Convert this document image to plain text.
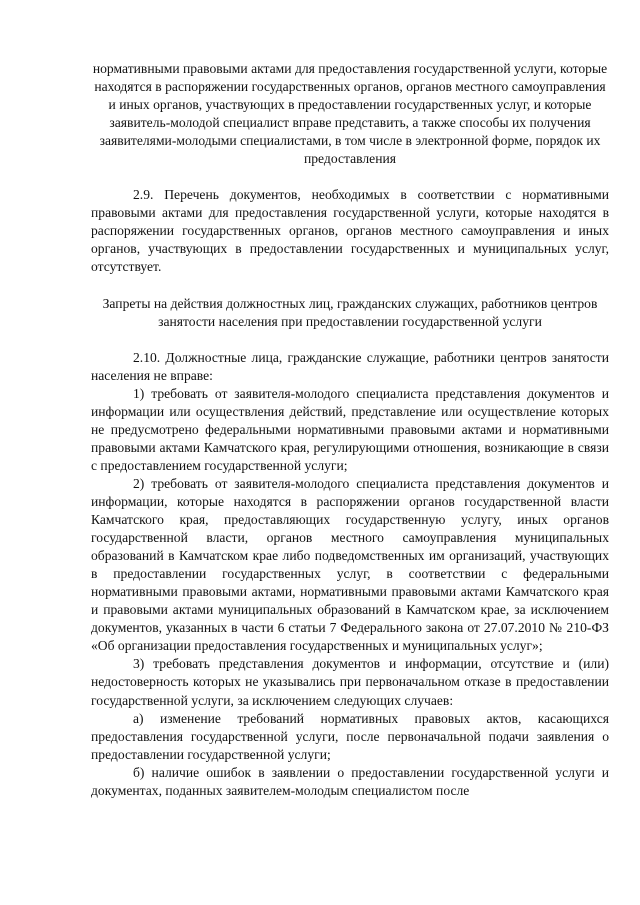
нормативными правовыми актами для предоставления государственной услуги, которые находятся в распоряжении государственных органов, органов местного самоуправления и иных органов, участвующих в предоставлении государственных услуг, и которые заявитель-молодой специалист вправе представить, а также способы их получения заявителями-молодыми специалистами, в том числе в электронной форме, порядок их предоставления

2.9. Перечень документов, необходимых в соответствии с нормативными правовыми актами для предоставления государственной услуги, которые находятся в распоряжении государственных органов, органов местного самоуправления и иных органов, участвующих в предоставлении государственных и муниципальных услуг, отсутствует.

Запреты на действия должностных лиц, гражданских служащих, работников центров занятости населения при предоставлении государственной услуги

2.10. Должностные лица, гражданские служащие, работники центров занятости населения не вправе:

1) требовать от заявителя-молодого специалиста представления документов и информации или осуществления действий, представление или осуществление которых не предусмотрено федеральными нормативными правовыми актами и нормативными правовыми актами Камчатского края, регулирующими отношения, возникающие в связи с предоставлением государственной услуги;

2) требовать от заявителя-молодого специалиста представления документов и информации, которые находятся в распоряжении органов государственной власти Камчатского края, предоставляющих государственную услугу, иных органов государственной власти, органов местного самоуправления муниципальных образований в Камчатском крае либо подведомственных им организаций, участвующих в предоставлении государственных услуг, в соответствии с федеральными нормативными правовыми актами, нормативными правовыми актами Камчатского края и правовыми актами муниципальных образований в Камчатском крае, за исключением документов, указанных в части 6 статьи 7 Федерального закона от 27.07.2010 № 210-ФЗ «Об организации предоставления государственных и муниципальных услуг»;

3) требовать представления документов и информации, отсутствие и (или) недостоверность которых не указывались при первоначальном отказе в предоставлении государственной услуги, за исключением следующих случаев:

а) изменение требований нормативных правовых актов, касающихся предоставления государственной услуги, после первоначальной подачи заявления о предоставлении государственной услуги;

б) наличие ошибок в заявлении о предоставлении государственной услуги и документах, поданных заявителем-молодым специалистом после
